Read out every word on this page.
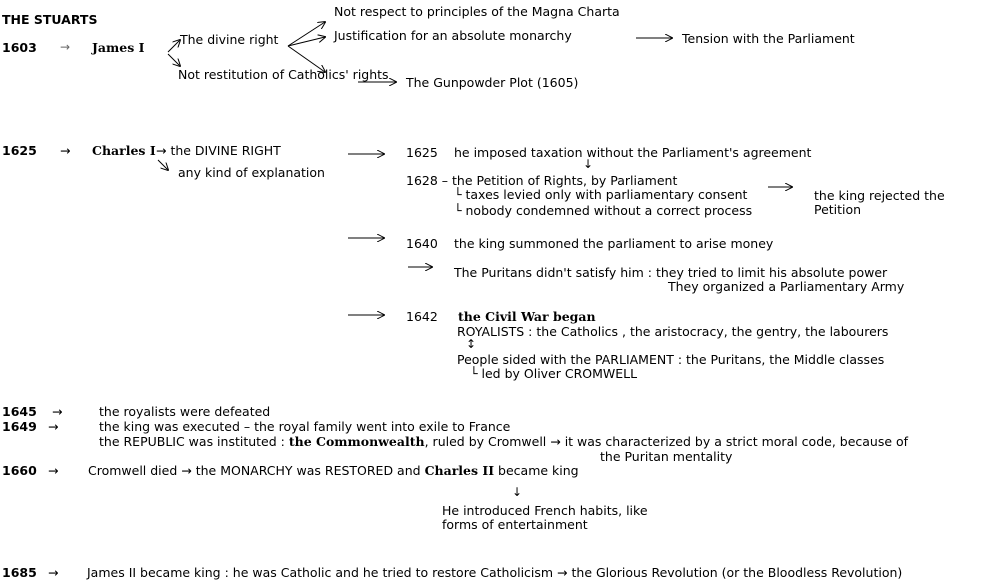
THE STUARTS
1603 → James I
The divine right
Not respect to principles of the Magna Charta
Justification for an absolute monarchy	Tension with the Parliament
Not restitution of Catholics' rights
The Gunpowder Plot (1605)
1625 → Charles I → the DIVINE RIGHT
any kind of explanation
1625 he imposed taxation without the Parliament's agreement
↓
1628 – the Petition of Rights, by Parliament
└ taxes levied only with parliamentary consent
└ nobody condemned without a correct process
the king rejected the
Petition
1640 the king summoned the parliament to arise money
The Puritans didn't satisfy him : they tried to limit his absolute power
They organized a Parliamentary Army
1642 the Civil War began
ROYALISTS : the Catholics , the aristocracy, the gentry, the labourers
↕
People sided with the PARLIAMENT : the Puritans, the Middle classes
└ led by Oliver CROMWELL
1645 →	the royalists were defeated
1649 →	the king was executed – the royal family went into exile to France
the REPUBLIC was instituted : the Commonwealth, ruled by Cromwell → it was characterized by a strict moral code, because of
the Puritan mentality
1660 → Cromwell died → the MONARCHY was RESTORED and Charles II became king
↓
He introduced French habits, like
forms of entertainment
1685 → James II became king : he was Catholic and he tried to restore Catholicism → the Glorious Revolution (or the Bloodless Revolution)
